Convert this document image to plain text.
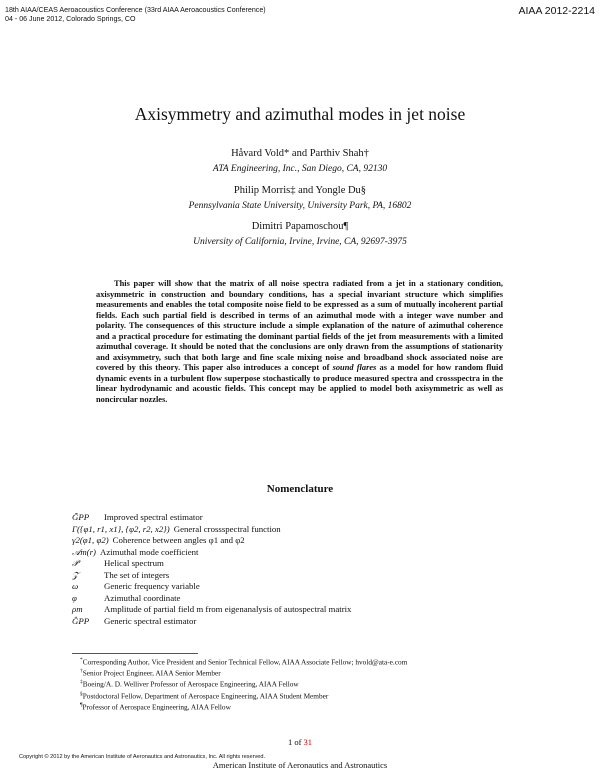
18th AIAA/CEAS Aeroacoustics Conference (33rd AIAA Aeroacoustics Conference)
04 - 06 June 2012, Colorado Springs, CO
AIAA 2012-2214
Axisymmetry and azimuthal modes in jet noise
Håvard Vold* and Parthiv Shah†
ATA Engineering, Inc., San Diego, CA, 92130
Philip Morris‡ and Yongle Du§
Pennsylvania State University, University Park, PA, 16802
Dimitri Papamoschou¶
University of California, Irvine, Irvine, CA, 92697-3975

This paper will show that the matrix of all noise spectra radiated from a jet in a stationary condition, axisymmetric in construction and boundary conditions, has a special invariant structure which simplifies measurements and enables the total composite noise field to be expressed as a sum of mutually incoherent partial fields. Each such partial field is described in terms of an azimuthal mode with a integer wave number and polarity. The consequences of this structure include a simple explanation of the nature of azimuthal coherence and a practical procedure for estimating the dominant partial fields of the jet from measurements with a limited azimuthal coverage. It should be noted that the conclusions are only drawn from the assumptions of stationarity and axisymmetry, such that both large and fine scale mixing noise and broadband shock associated noise are covered by this theory. This paper also introduces a concept of sound flares as a model for how random fluid dynamic events in a turbulent flow superpose stochastically to produce measured spectra and crossspectra in the linear hydrodynamic and acoustic fields. This concept may be applied to model both axisymmetric as well as noncircular nozzles.

Nomenclature
G̃PP Improved spectral estimator
Γ({φ1, r1, x1}, {φ2, r2, x2}) General crossspectral function
γ2(φ1, φ2) Coherence between angles φ1 and φ2
𝒜m(r) Azimuthal mode coefficient
𝒫	Helical spectrum
𝒵	The set of integers
ω	Generic frequency variable
φ	Azimuthal coordinate
ρm Amplitude of partial field m from eigenanalysis of autospectral matrix
ĜPP Generic spectral estimator
*Corresponding Author, Vice President and Senior Technical Fellow, AIAA Associate Fellow; hvold@ata-e.com
†Senior Project Engineer, AIAA Senior Member
‡Boeing/A. D. Welliver Professor of Aerospace Engineering, AIAA Fellow
§Postdoctoral Fellow, Department of Aerospace Engineering, AIAA Student Member
¶Professor of Aerospace Engineering, AIAA Fellow
1 of 31
Copyright © 2012 by the American Institute of Aeronautics and Astronautics, Inc. All rights reserved.
American Institute of Aeronautics and Astronautics
